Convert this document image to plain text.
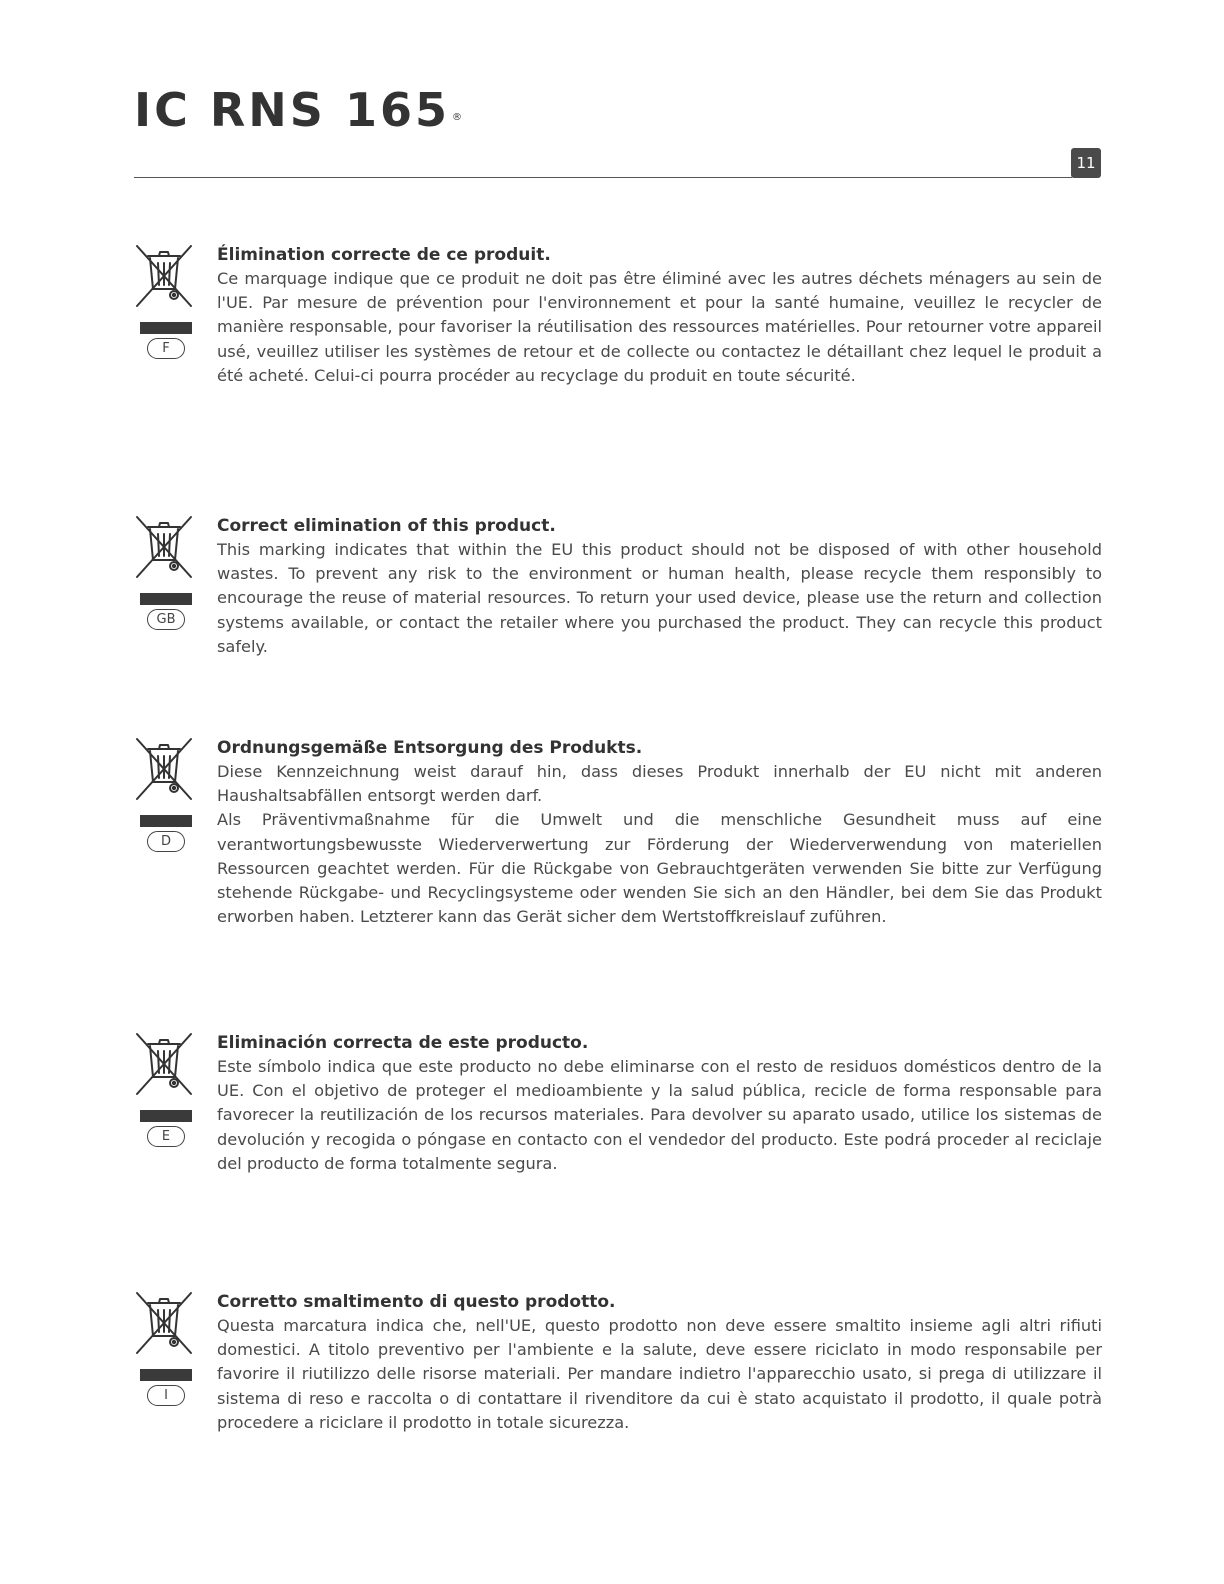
IC RNS 165 ®
11
F
Élimination correcte de ce produit.

Ce marquage indique que ce produit ne doit pas être éliminé avec les autres déchets ménagers au sein de l'UE. Par mesure de prévention pour l'environnement et pour la santé humaine, veuillez le recycler de manière responsable, pour favoriser la réutilisation des ressources matérielles. Pour retourner votre appareil usé, veuillez utiliser les systèmes de retour et de collecte ou contactez le détaillant chez lequel le produit a été acheté. Celui-ci pourra procéder au recyclage du produit en toute sécurité.

GB
Correct elimination of this product.

This marking indicates that within the EU this product should not be disposed of with other household wastes. To prevent any risk to the environment or human health, please recycle them responsibly to encourage the reuse of material resources. To return your used device, please use the return and collection systems available, or contact the retailer where you purchased the product. They can recycle this product safely.

D
Ordnungsgemäße Entsorgung des Produkts.

Diese Kennzeichnung weist darauf hin, dass dieses Produkt innerhalb der EU nicht mit anderen Haushaltsabfällen entsorgt werden darf.

Als Präventivmaßnahme für die Umwelt und die menschliche Gesundheit muss auf eine verantwortungsbewusste Wiederverwertung zur Förderung der Wiederverwendung von materiellen Ressourcen geachtet werden. Für die Rückgabe von Gebrauchtgeräten verwenden Sie bitte zur Verfügung stehende Rückgabe- und Recyclingsysteme oder wenden Sie sich an den Händler, bei dem Sie das Produkt erworben haben. Letzterer kann das Gerät sicher dem Wertstoffkreislauf zuführen.

E
Eliminación correcta de este producto.

Este símbolo indica que este producto no debe eliminarse con el resto de residuos domésticos dentro de la UE. Con el objetivo de proteger el medioambiente y la salud pública, recicle de forma responsable para favorecer la reutilización de los recursos materiales. Para devolver su aparato usado, utilice los sistemas de devolución y recogida o póngase en contacto con el vendedor del producto. Este podrá proceder al reciclaje del producto de forma totalmente segura.

I
Corretto smaltimento di questo prodotto.

Questa marcatura indica che, nell'UE, questo prodotto non deve essere smaltito insieme agli altri rifiuti domestici. A titolo preventivo per l'ambiente e la salute, deve essere riciclato in modo responsabile per favorire il riutilizzo delle risorse materiali. Per mandare indietro l'apparecchio usato, si prega di utilizzare il sistema di reso e raccolta o di contattare il rivenditore da cui è stato acquistato il prodotto, il quale potrà procedere a riciclare il prodotto in totale sicurezza.
